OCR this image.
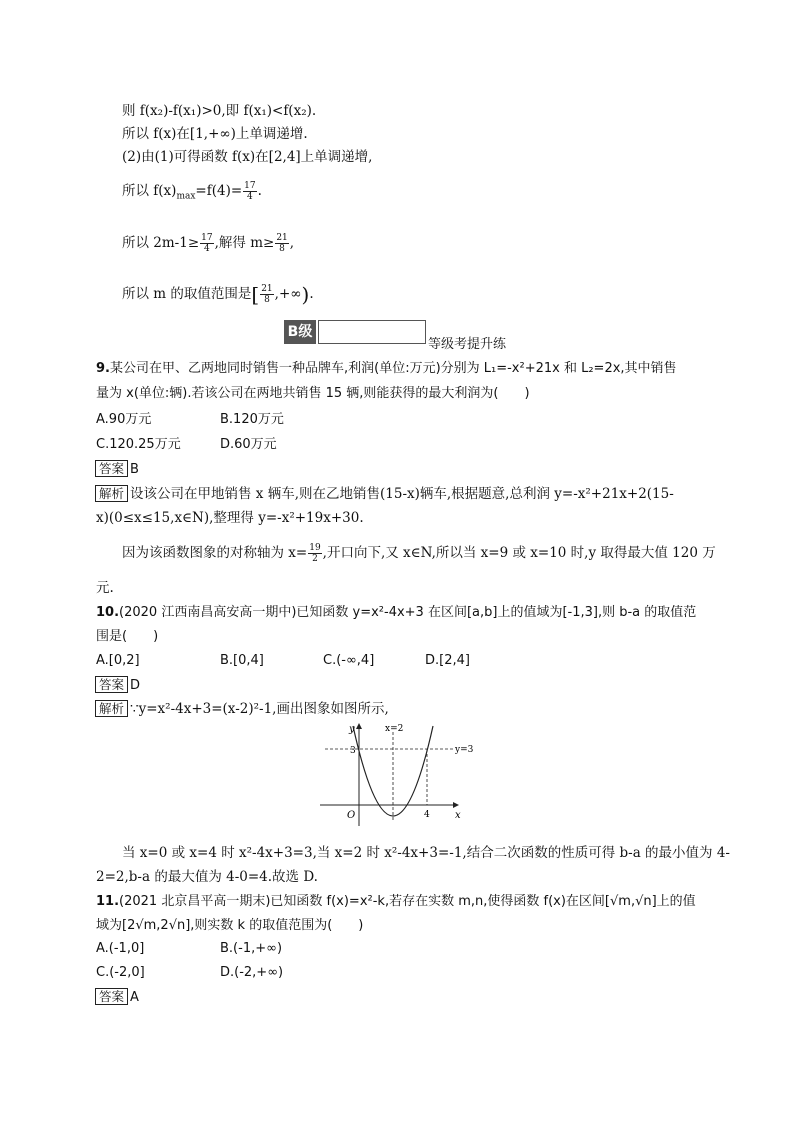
则 f(x₂)-f(x₁)>0,即 f(x₁)<f(x₂).
所以 f(x)在[1,+∞)上单调递增.
(2)由(1)可得函数 f(x)在[2,4]上单调递增,
所以 $f(x)_{max}=f(4)= \frac{17}{4}$ .
所以 $2m-1\ge \frac{17}{4}$ ,解得 $m\ge \frac{21}{8}$ ,
所以 m 的取值范围是[ $\frac{21}{8}$ ,+∞).
B级
等级考提升练
9.某公司在甲、乙两地同时销售一种品牌车,利润(单位:万元)分别为 L₁=-x²+21x 和 L₂=2x,其中销售
量为 x(单位:辆).若该公司在两地共销售 15 辆,则能获得的最大利润为(　　)
A.90万元	B.120万元
C.120.25万元	D.60万元
答案 B
解析 设该公司在甲地销售 x 辆车,则在乙地销售(15-x)辆车,根据题意,总利润 y=-x²+21x+2(15-
x)(0≤x≤15,x∈N),整理得 y=-x²+19x+30.
因为该函数图象的对称轴为 $x= \frac{19}{2}$ ,开口向下,又 x∈N,所以当 x=9 或 x=10 时,y 取得最大值 120 万
元.
10.(2020 江西南昌高安高一期中)已知函数 y=x²-4x+3 在区间[a,b]上的值域为[-1,3],则 b-a 的取值范
围是(　　)
A.[0,2]	B.[0,4]	C.(-∞,4]	D.[2,4]
答案 D
解析 ∵y=x²-4x+3=(x-2)²-1,画出图象如图所示,
y
x
O
x=2
y=3
3
4
当 x=0 或 x=4 时 x²-4x+3=3,当 x=2 时 x²-4x+3=-1,结合二次函数的性质可得 b-a 的最小值为 4-
2=2,b-a 的最大值为 4-0=4.故选 D.
11.(2021 北京昌平高一期末)已知函数 f(x)=x²-k,若存在实数 m,n,使得函数 f(x)在区间[√m,√n]上的值
域为[2√m,2√n],则实数 k 的取值范围为(　　)
A.(-1,0]	B.(-1,+∞)
C.(-2,0]	D.(-2,+∞)
答案 A
